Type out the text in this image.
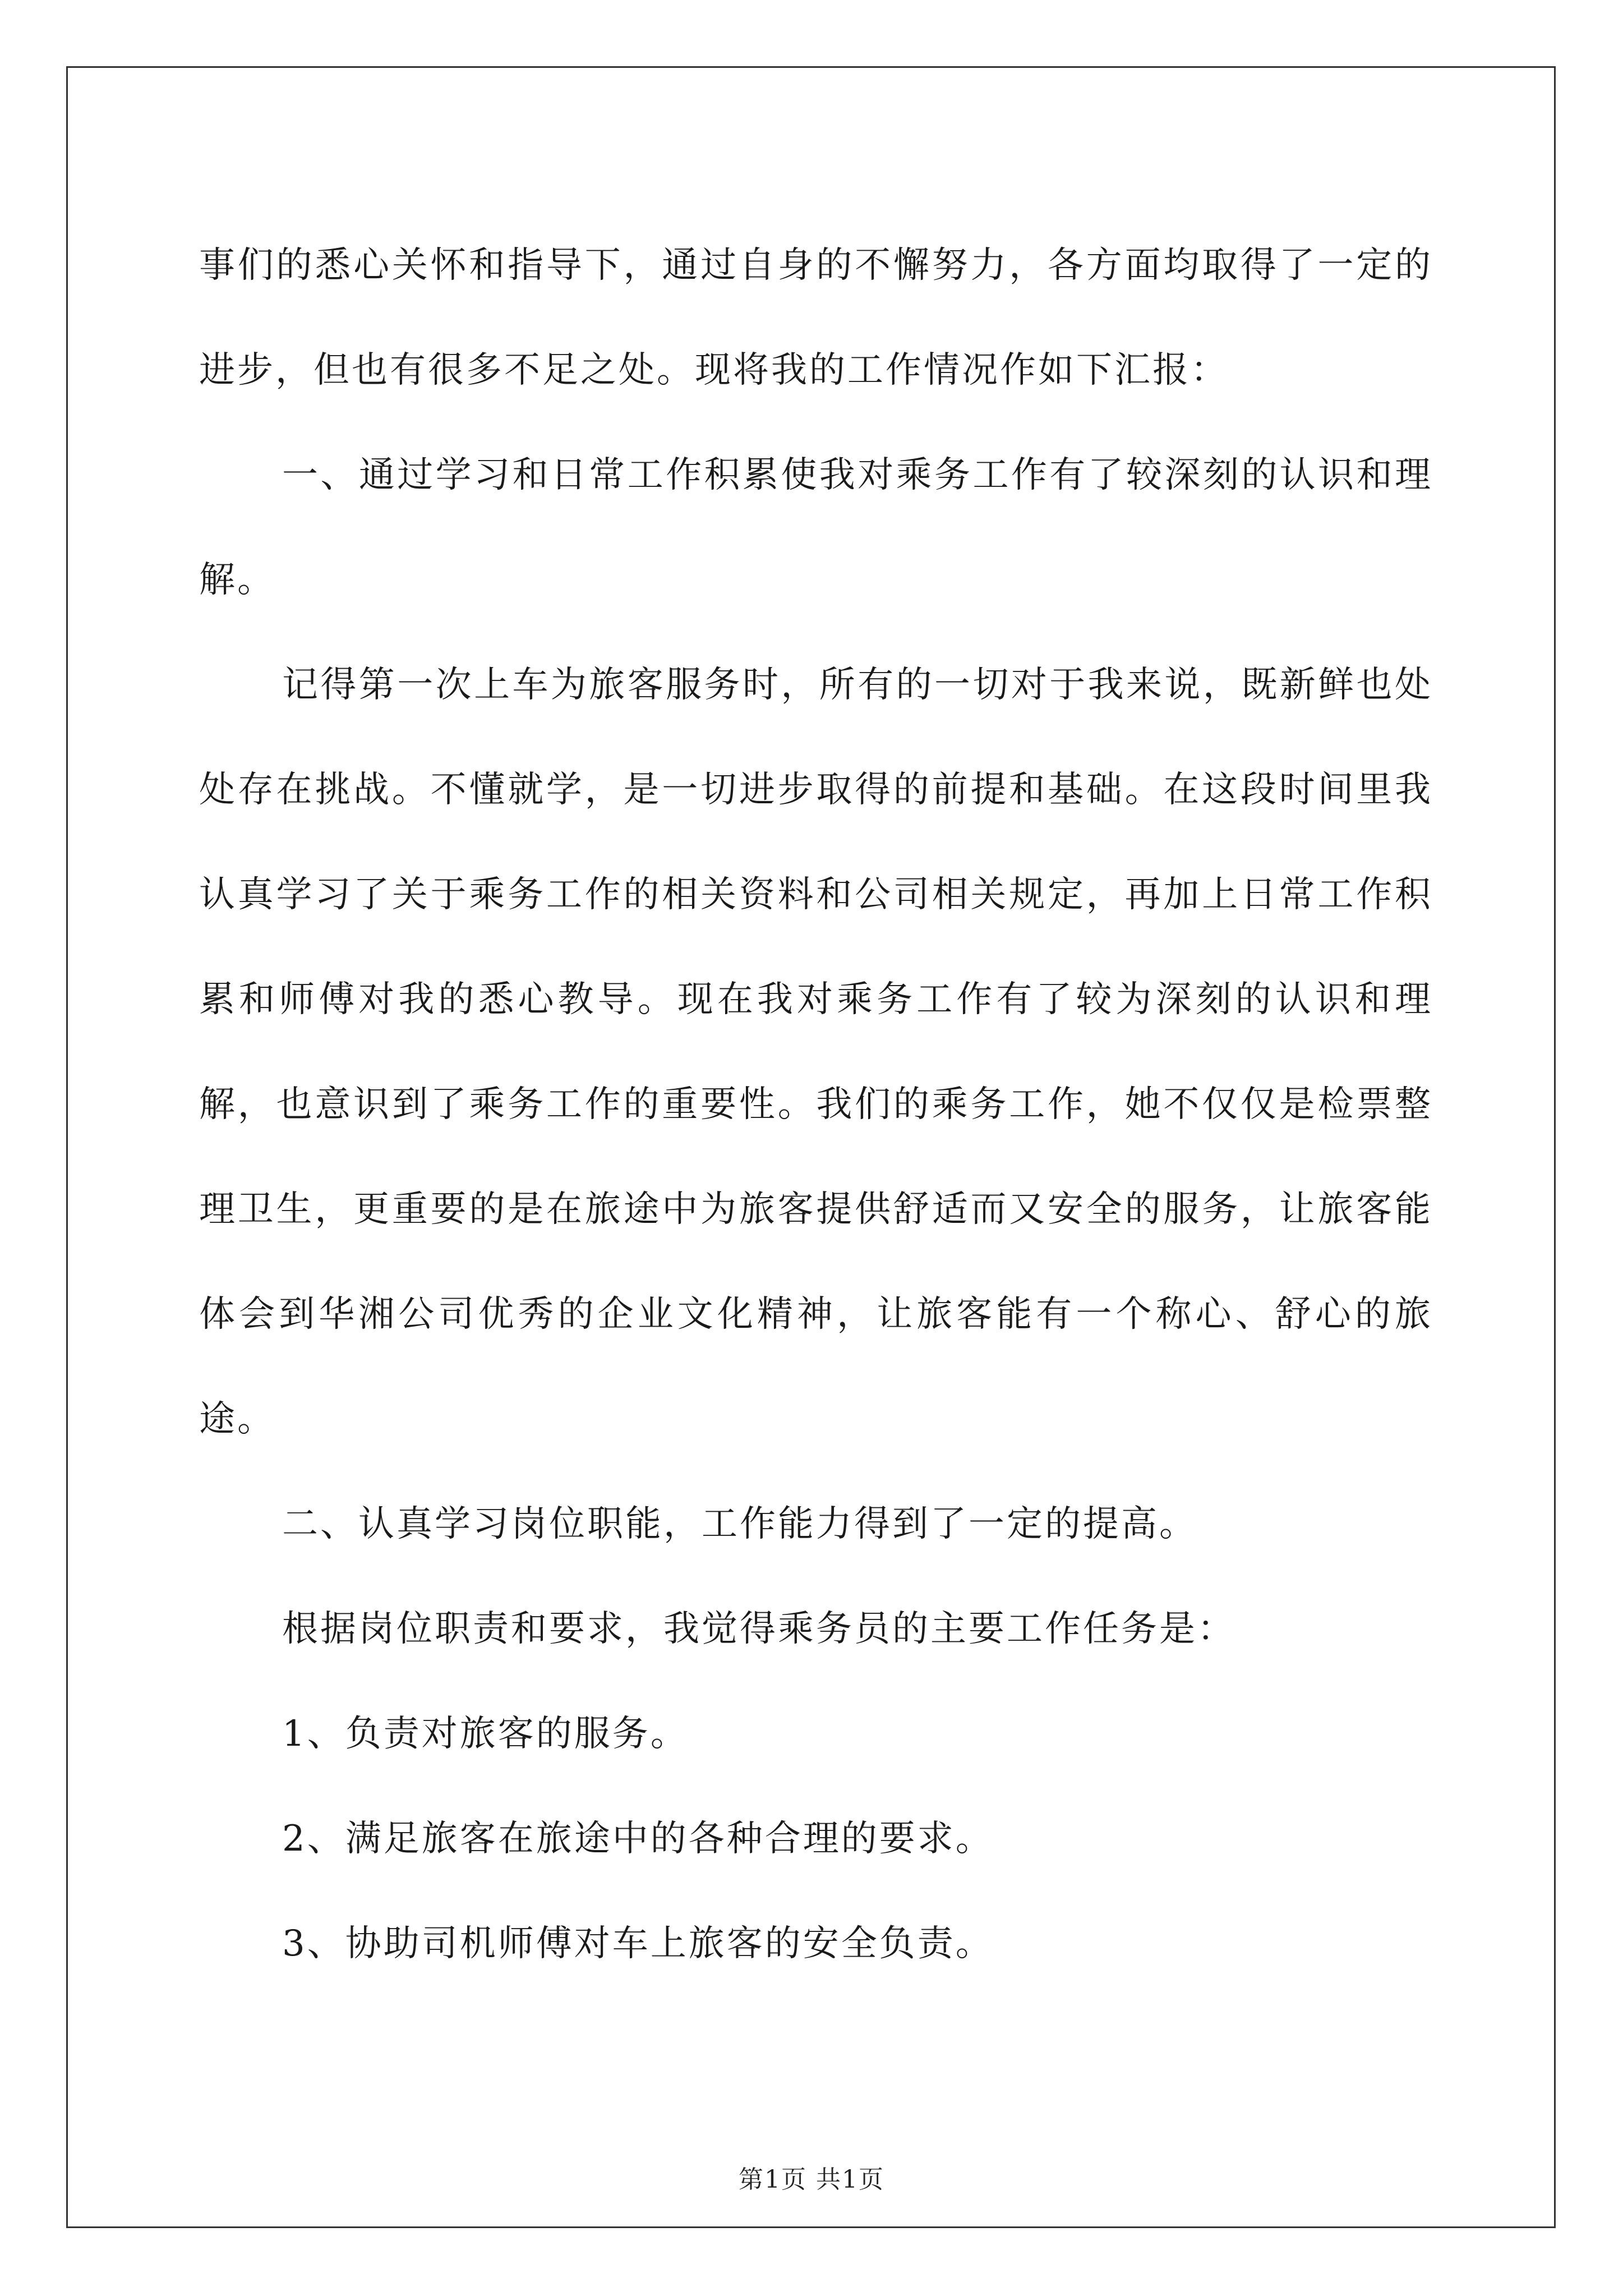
事们的悉心关怀和指导下，通过自身的不懈努力，各方面均取得了一定的进步，但也有很多不足之处。现将我的工作情况作如下汇报：

一、通过学习和日常工作积累使我对乘务工作有了较深刻的认识和理解。

记得第一次上车为旅客服务时，所有的一切对于我来说，既新鲜也处处存在挑战。不懂就学，是一切进步取得的前提和基础。在这段时间里我认真学习了关于乘务工作的相关资料和公司相关规定，再加上日常工作积累和师傅对我的悉心教导。现在我对乘务工作有了较为深刻的认识和理解，也意识到了乘务工作的重要性。我们的乘务工作，她不仅仅是检票整理卫生，更重要的是在旅途中为旅客提供舒适而又安全的服务，让旅客能体会到华湘公司优秀的企业文化精神，让旅客能有一个称心、舒心的旅途。

二、认真学习岗位职能，工作能力得到了一定的提高。

根据岗位职责和要求，我觉得乘务员的主要工作任务是：

1、负责对旅客的服务。

2、满足旅客在旅途中的各种合理的要求。

3、协助司机师傅对车上旅客的安全负责。

第1页 共1页
